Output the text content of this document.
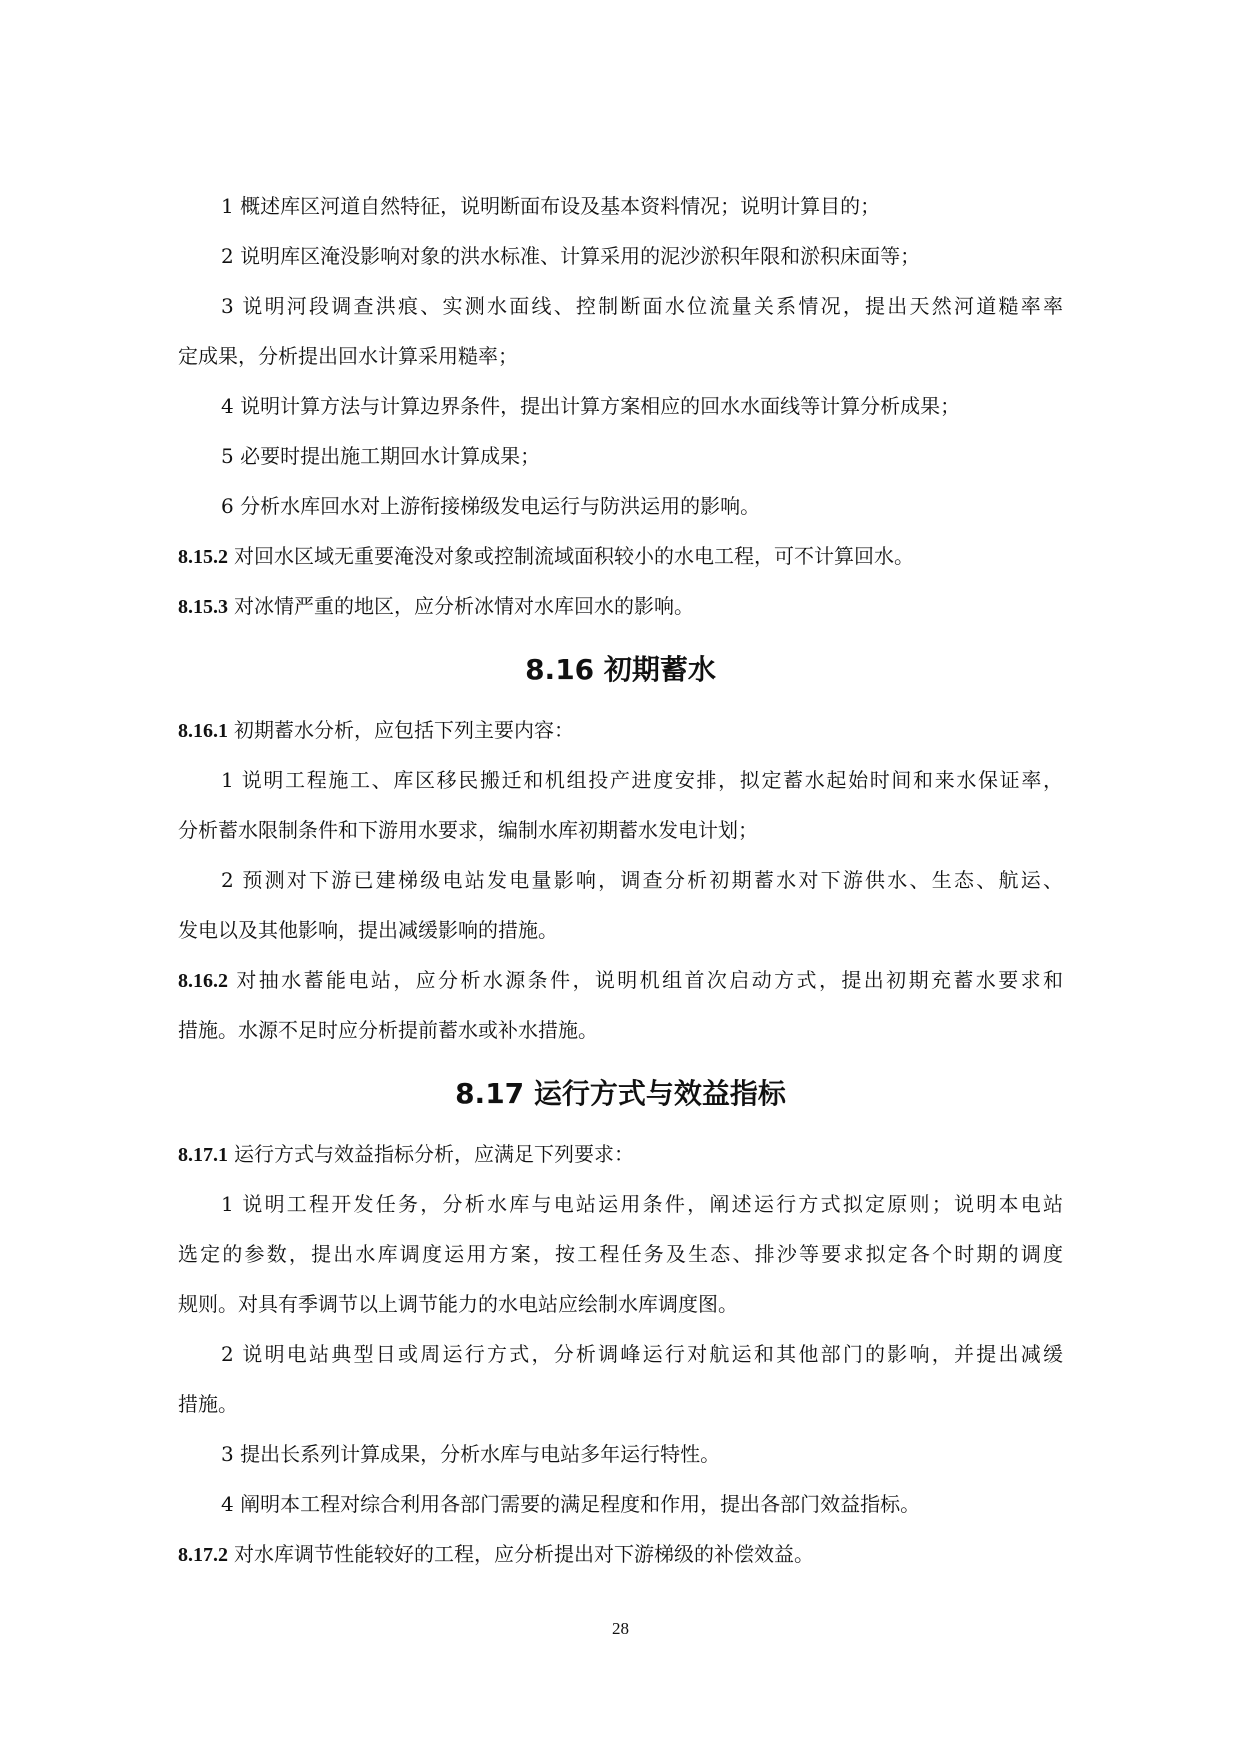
1 概述库区河道自然特征，说明断面布设及基本资料情况；说明计算目的；
2 说明库区淹没影响对象的洪水标准、计算采用的泥沙淤积年限和淤积床面等；
3 说明河段调查洪痕、实测水面线、控制断面水位流量关系情况，提出天然河道糙率率
定成果，分析提出回水计算采用糙率；
4 说明计算方法与计算边界条件，提出计算方案相应的回水水面线等计算分析成果；
5 必要时提出施工期回水计算成果；
6 分析水库回水对上游衔接梯级发电运行与防洪运用的影响。
8.15.2 对回水区域无重要淹没对象或控制流域面积较小的水电工程，可不计算回水。
8.15.3 对冰情严重的地区，应分析冰情对水库回水的影响。
8.16 初期蓄水
8.16.1 初期蓄水分析，应包括下列主要内容：
1 说明工程施工、库区移民搬迁和机组投产进度安排，拟定蓄水起始时间和来水保证率，
分析蓄水限制条件和下游用水要求，编制水库初期蓄水发电计划；
2 预测对下游已建梯级电站发电量影响，调查分析初期蓄水对下游供水、生态、航运、
发电以及其他影响，提出减缓影响的措施。
8.16.2 对抽水蓄能电站，应分析水源条件，说明机组首次启动方式，提出初期充蓄水要求和
措施。水源不足时应分析提前蓄水或补水措施。
8.17 运行方式与效益指标
8.17.1 运行方式与效益指标分析，应满足下列要求：
1 说明工程开发任务，分析水库与电站运用条件，阐述运行方式拟定原则；说明本电站
选定的参数，提出水库调度运用方案，按工程任务及生态、排沙等要求拟定各个时期的调度
规则。对具有季调节以上调节能力的水电站应绘制水库调度图。
2 说明电站典型日或周运行方式，分析调峰运行对航运和其他部门的影响，并提出减缓
措施。
3 提出长系列计算成果，分析水库与电站多年运行特性。
4 阐明本工程对综合利用各部门需要的满足程度和作用，提出各部门效益指标。
8.17.2 对水库调节性能较好的工程，应分析提出对下游梯级的补偿效益。
28
